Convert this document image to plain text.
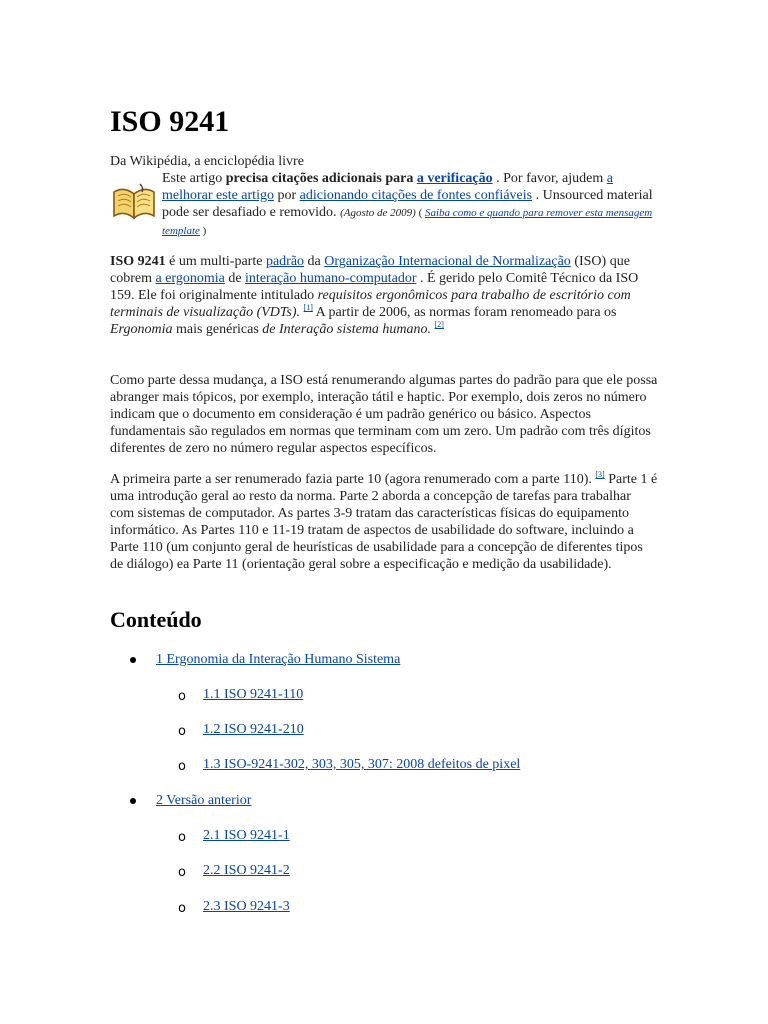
ISO 9241
Da Wikipédia, a enciclopédia livre
Este artigo precisa citações adicionais para a verificação . Por favor, ajudem a melhorar este artigo por adicionando citações de fontes confiáveis . Unsourced material pode ser desafiado e removido. (Agosto de 2009) ( Saiba como e quando para remover esta mensagem template )
ISO 9241 é um multi-parte padrão da Organização Internacional de Normalização (ISO) que cobrem a ergonomia de interação humano-computador . É gerido pelo Comitê Técnico da ISO 159. Ele foi originalmente intitulado requisitos ergonômicos para trabalho de escritório com terminais de visualização (VDTs). [1] A partir de 2006, as normas foram renomeado para os Ergonomia mais genéricas de Interação sistema humano. [2]
Como parte dessa mudança, a ISO está renumerando algumas partes do padrão para que ele possa abranger mais tópicos, por exemplo, interação tátil e haptic. Por exemplo, dois zeros no número indicam que o documento em consideração é um padrão genérico ou básico. Aspectos fundamentais são regulados em normas que terminam com um zero. Um padrão com três dígitos diferentes de zero no número regular aspectos específicos.
A primeira parte a ser renumerado fazia parte 10 (agora renumerado com a parte 110). [3] Parte 1 é uma introdução geral ao resto da norma. Parte 2 aborda a concepção de tarefas para trabalhar com sistemas de computador. As partes 3-9 tratam das características físicas do equipamento informático. As Partes 110 e 11-19 tratam de aspectos de usabilidade do software, incluindo a Parte 110 (um conjunto geral de heurísticas de usabilidade para a concepção de diferentes tipos de diálogo) ea Parte 11 (orientação geral sobre a especificação e medição da usabilidade).
Conteúdo
1 Ergonomia da Interação Humano Sistema
o 1.1 ISO 9241-110
o 1.2 ISO 9241-210
o 1.3 ISO-9241-302, 303, 305, 307: 2008 defeitos de pixel
2 Versão anterior
o 2.1 ISO 9241-1
o 2.2 ISO 9241-2
o 2.3 ISO 9241-3
